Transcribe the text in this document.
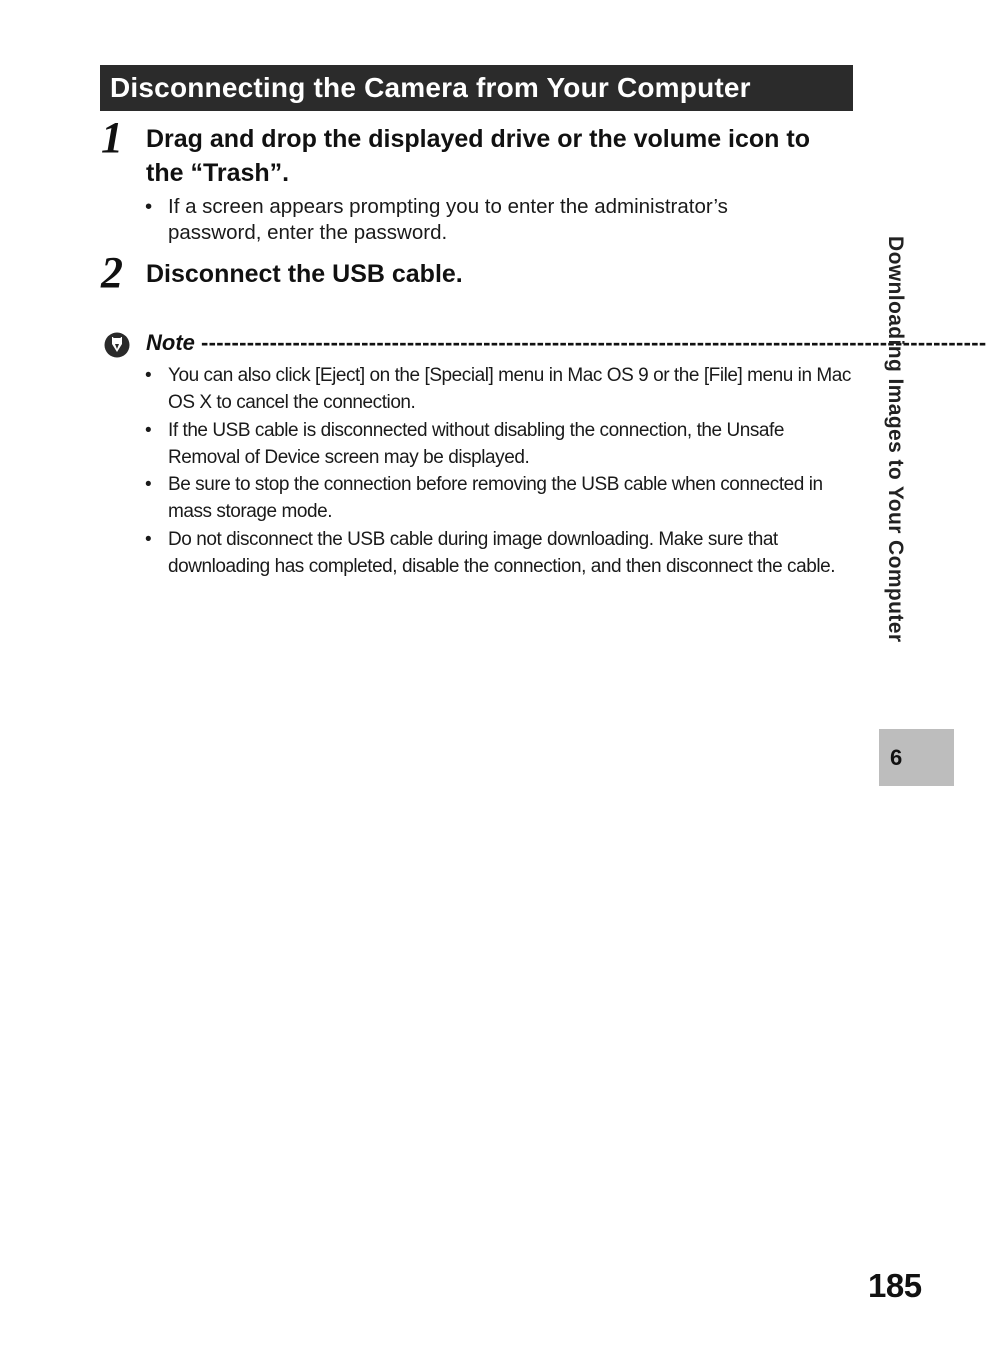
Disconnecting the Camera from Your Computer
1 Drag and drop the displayed drive or the volume icon to
the “Trash”.
• If a screen appears prompting you to enter the administrator’s
password, enter the password.
2 Disconnect the USB cable.
Note -------------------------------------------------------------------------------------------------------
• You can also click [Eject] on the [Special] menu in Mac OS 9 or the [File] menu in Mac
OS X to cancel the connection.
• If the USB cable is disconnected without disabling the connection, the Unsafe
Removal of Device screen may be displayed.
• Be sure to stop the connection before removing the USB cable when connected in
mass storage mode.
• Do not disconnect the USB cable during image downloading. Make sure that
downloading has completed, disable the connection, and then disconnect the cable.	Downloading Images to Your Computer
6
185
